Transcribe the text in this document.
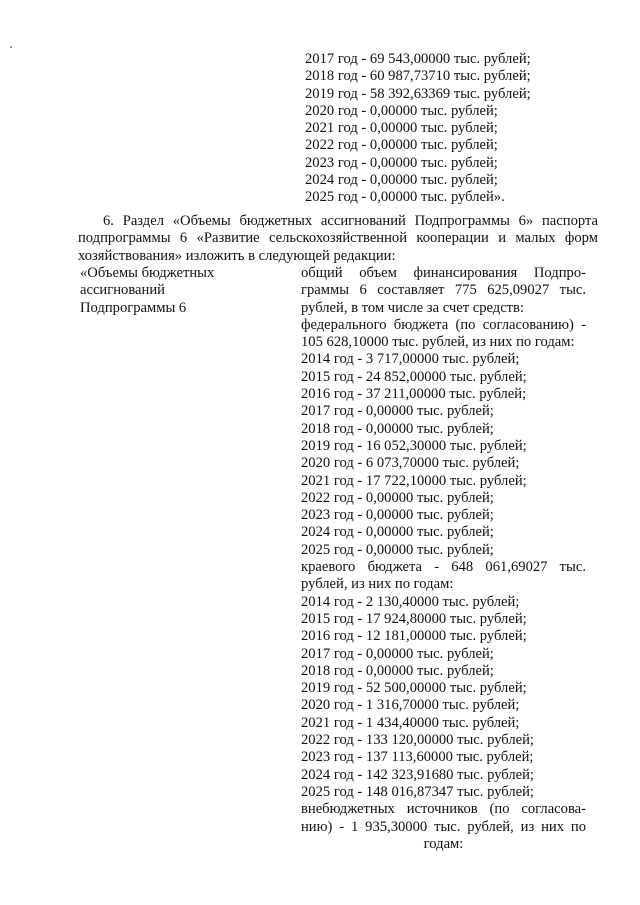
2017 год - 69 543,00000 тыс. рублей;
2018 год - 60 987,73710 тыс. рублей;
2019 год - 58 392,63369 тыс. рублей;
2020 год - 0,00000 тыс. рублей;
2021 год - 0,00000 тыс. рублей;
2022 год - 0,00000 тыс. рублей;
2023 год - 0,00000 тыс. рублей;
2024 год - 0,00000 тыс. рублей;
2025 год - 0,00000 тыс. рублей».
6. Раздел «Объемы бюджетных ассигнований Подпрограммы 6» паспорта
подпрограммы 6 «Развитие сельскохозяйственной кооперации и малых форм
хозяйствования» изложить в следующей редакции:
«Объемы бюджетных
ассигнований
Подпрограммы 6
общий объем финансирования Подпро-
граммы 6 составляет 775 625,09027 тыс.
рублей, в том числе за счет средств:
федерального бюджета (по согласованию) -
105 628,10000 тыс. рублей, из них по годам:
2014 год - 3 717,00000 тыс. рублей;
2015 год - 24 852,00000 тыс. рублей;
2016 год - 37 211,00000 тыс. рублей;
2017 год - 0,00000 тыс. рублей;
2018 год - 0,00000 тыс. рублей;
2019 год - 16 052,30000 тыс. рублей;
2020 год - 6 073,70000 тыс. рублей;
2021 год - 17 722,10000 тыс. рублей;
2022 год - 0,00000 тыс. рублей;
2023 год - 0,00000 тыс. рублей;
2024 год - 0,00000 тыс. рублей;
2025 год - 0,00000 тыс. рублей;
краевого бюджета - 648 061,69027 тыс.
рублей, из них по годам:
2014 год - 2 130,40000 тыс. рублей;
2015 год - 17 924,80000 тыс. рублей;
2016 год - 12 181,00000 тыс. рублей;
2017 год - 0,00000 тыс. рублей;
2018 год - 0,00000 тыс. рублей;
2019 год - 52 500,00000 тыс. рублей;
2020 год - 1 316,70000 тыс. рублей;
2021 год - 1 434,40000 тыс. рублей;
2022 год - 133 120,00000 тыс. рублей;
2023 год - 137 113,60000 тыс. рублей;
2024 год - 142 323,91680 тыс. рублей;
2025 год - 148 016,87347 тыс. рублей;
внебюджетных источников (по согласова-
нию) - 1 935,30000 тыс. рублей, из них по
годам:
